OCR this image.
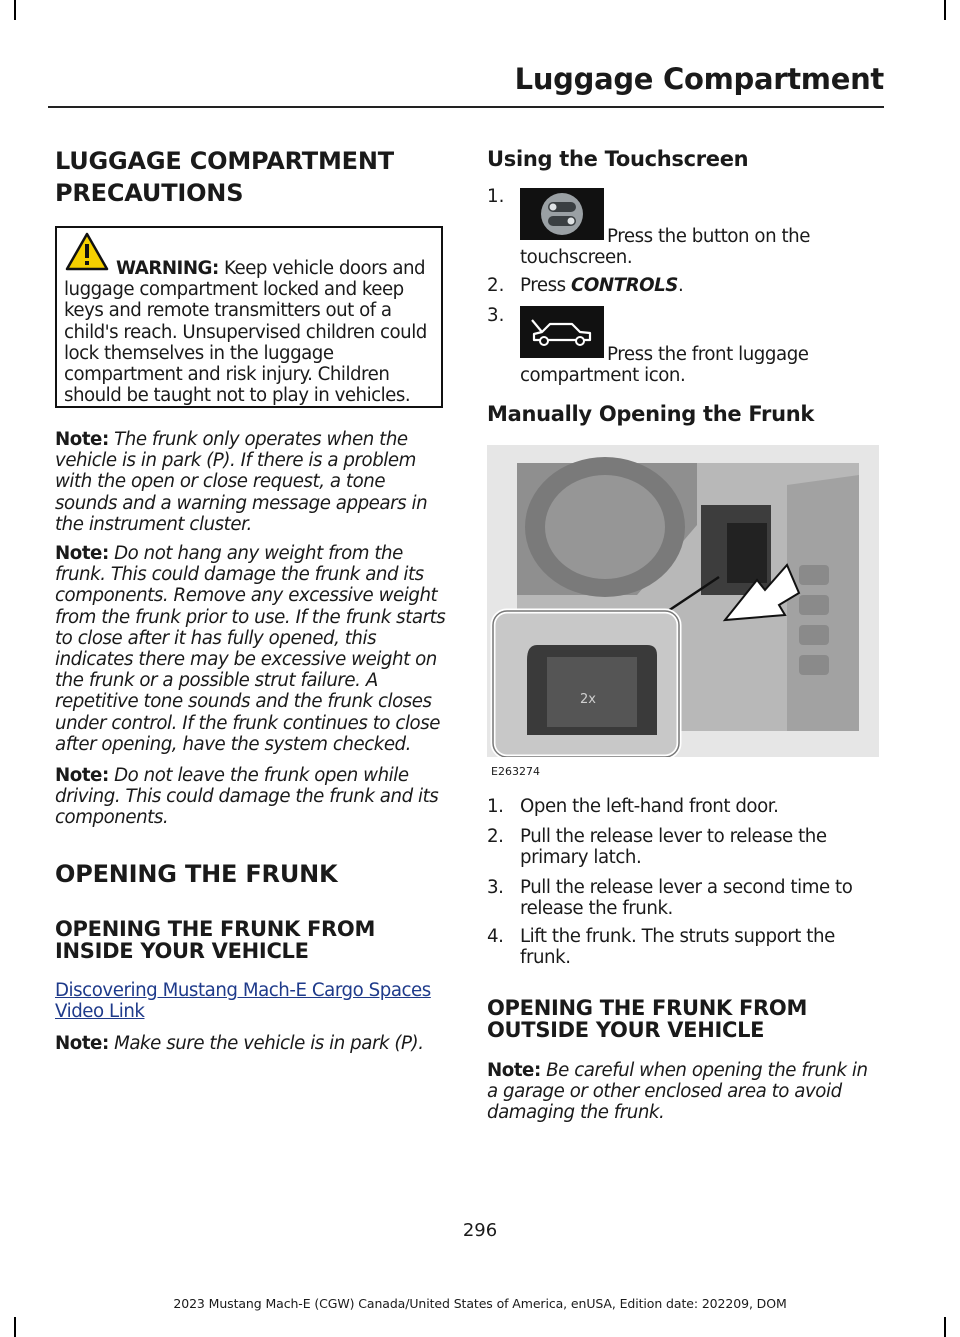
Luggage Compartment
LUGGAGE COMPARTMENT
PRECAUTIONS
WARNING: Keep vehicle doors and luggage compartment locked and keep keys and remote transmitters out of a child's reach. Unsupervised children could lock themselves in the luggage compartment and risk injury. Children should be taught not to play in vehicles.
Note: The frunk only operates when the vehicle is in park (P). If there is a problem with the open or close request, a tone sounds and a warning message appears in the instrument cluster.
Note: Do not hang any weight from the frunk. This could damage the frunk and its components. Remove any excessive weight from the frunk prior to use. If the frunk starts to close after it has fully opened, this indicates there may be excessive weight on the frunk or a possible strut failure. A repetitive tone sounds and the frunk closes under control. If the frunk continues to close after opening, have the system checked.
Note: Do not leave the frunk open while driving. This could damage the frunk and its components.
OPENING THE FRUNK
OPENING THE FRUNK FROM INSIDE YOUR VEHICLE
Discovering Mustang Mach-E Cargo Spaces Video Link
Note: Make sure the vehicle is in park (P).
Using the Touchscreen
1.
Press the button on the touchscreen.
2. Press CONTROLS.
3.
Press the front luggage compartment icon.
Manually Opening the Frunk
2x
E263274
1. Open the left-hand front door.
2. Pull the release lever to release the primary latch.
3. Pull the release lever a second time to release the frunk.
4. Lift the frunk. The struts support the frunk.
OPENING THE FRUNK FROM OUTSIDE YOUR VEHICLE
Note: Be careful when opening the frunk in a garage or other enclosed area to avoid damaging the frunk.
296
2023 Mustang Mach-E (CGW) Canada/United States of America, enUSA, Edition date: 202209, DOM
